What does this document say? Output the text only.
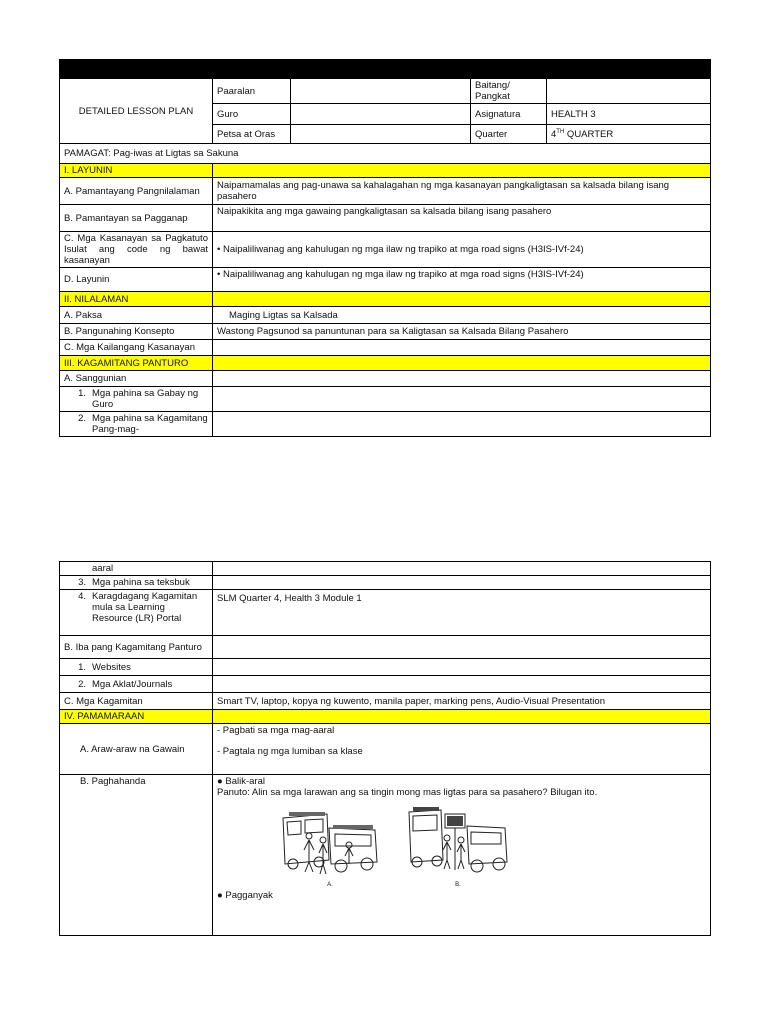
DETAILED LESSON PLAN	Paaralan		Baitang/ Pangkat	
	Guro		Asignatura	HEALTH 3
	Petsa at Oras		Quarter	4TH QUARTER
PAMAGAT: Pag-iwas at Ligtas sa Sakuna				
I. LAYUNIN				
A. Pamantayang Pangnilalaman	Naipamamalas ang pag-unawa sa kahalagahan ng mga kasanayan pangkaligtasan sa kalsada bilang isang pasahero			
B. Pamantayan sa Pagganap	Naipakikita ang mga gawaing pangkaligtasan sa kalsada bilang isang pasahero			
C. Mga Kasanayan sa Pagkatuto Isulat ang code ng bawat kasanayan	• Naipaliliwanag ang kahulugan ng mga ilaw ng trapiko at mga road signs (H3IS-IVf-24)			
D. Layunin	• Naipaliliwanag ang kahulugan ng mga ilaw ng trapiko at mga road signs (H3IS-IVf-24)			
II. NILALAMAN				
A. Paksa	Maging Ligtas sa Kalsada			
B. Pangunahing Konsepto	Wastong Pagsunod sa panuntunan para sa Kaligtasan sa Kalsada Bilang Pasahero			
C. Mga Kailangang Kasanayan				
III. KAGAMITANG PANTURO				
A. Sanggunian				

1. Mga pahina sa Gabay ng Guro				

2. Mga pahina sa Kagamitang Pang-mag-				

aaral	

3. Mga pahina sa teksbuk	

4. Karagdagang Kagamitan mula sa Learning Resource (LR) Portal	SLM Quarter 4, Health 3 Module 1
B. Iba pang Kagamitang Panturo	

1. Websites	

2. Mga Aklat/Journals	

C. Mga Kagamitan	Smart TV, laptop, kopya ng kuwento, manila paper, marking pens, Audio-Visual Presentation
IV. PAMAMARAAN	
A. Araw-araw na Gawain	- Pagbati sa mga mag-aaral
- Pagtala ng mga lumiban sa klase

B. Paghahanda	● Balik-aral
Panuto: Alin sa mga larawan ang sa tingin mong mas ligtas para sa pasahero? Bilugan ito.
A. B.
● Pagganyak
